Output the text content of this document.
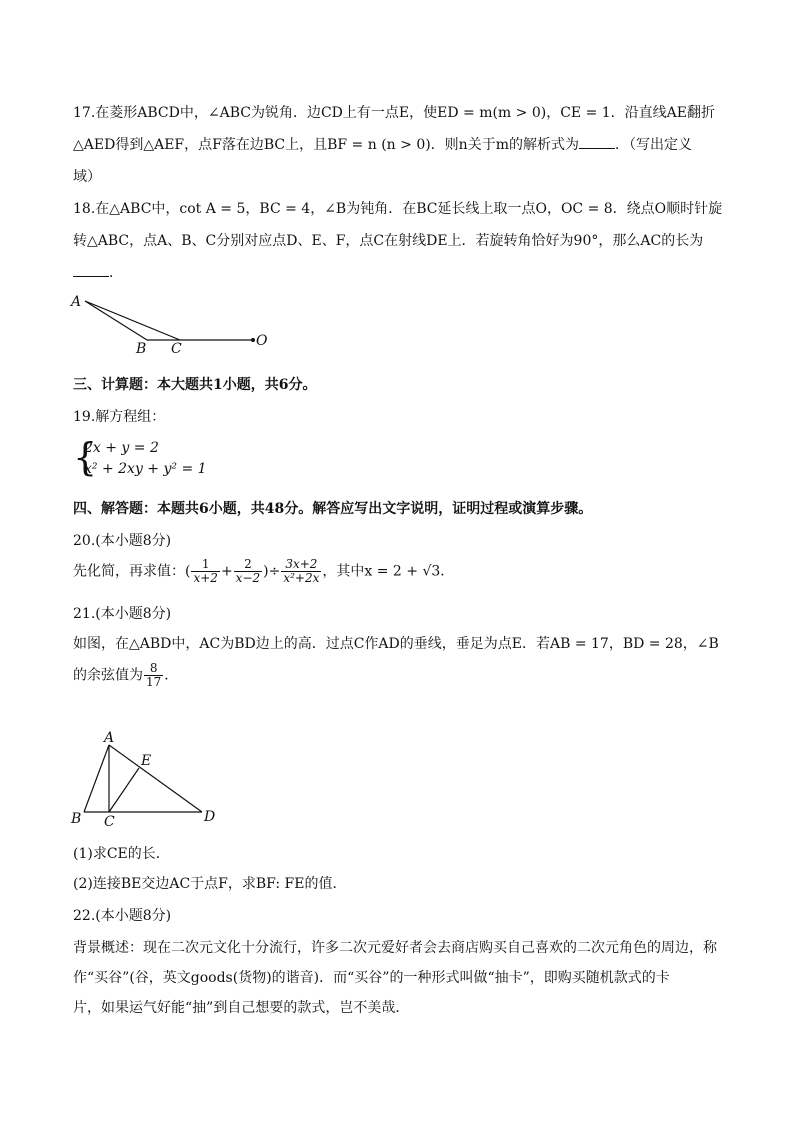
17.在菱形ABCD中，∠ABC为锐角．边CD上有一点E，使ED = m(m > 0)，CE = 1．沿直线AE翻折
△AED得到△AEF，点F落在边BC上，且BF = n (n > 0)．则n关于m的解析式为	．（写出定义
域）
18.在△ABC中，cot A = 5，BC = 4，∠B为钝角．在BC延长线上取一点O，OC = 8．绕点O顺时针旋
转△ABC，点A、B、C分别对应点D、E、F，点C在射线DE上．若旋转角恰好为90°，那么AC的长为
．
A
B C	O
三、计算题：本大题共1小题，共6分。
19.解方程组：
{
2x + y = 2
x² + 2xy + y² = 1
四、解答题：本题共6小题，共48分。解答应写出文字说明，证明过程或演算步骤。
20.(本小题8分)
先化简，再求值：( $\frac{1}{x+2} + \frac{2}{x-2}$ )÷ $\frac{3x+2}{\text{x²+2x}}$ ，其中x = 2 + √3．
21.(本小题8分)
如图，在△ABD中，AC为BD边上的高．过点C作AD的垂线，垂足为点E．若AB = 17，BD = 28，∠B
的余弦值为 $\frac{8}{17}$ ．
A
E
B C	D
(1)求CE的长．
(2)连接BE交边AC于点F，求BF: FE的值．
22.(本小题8分)
背景概述：现在二次元文化十分流行，许多二次元爱好者会去商店购买自己喜欢的二次元角色的周边，称
作“买谷”(谷，英文goods(货物)的谐音)．而“买谷”的一种形式叫做“抽卡”，即购买随机款式的卡
片，如果运气好能“抽”到自己想要的款式，岂不美哉．
